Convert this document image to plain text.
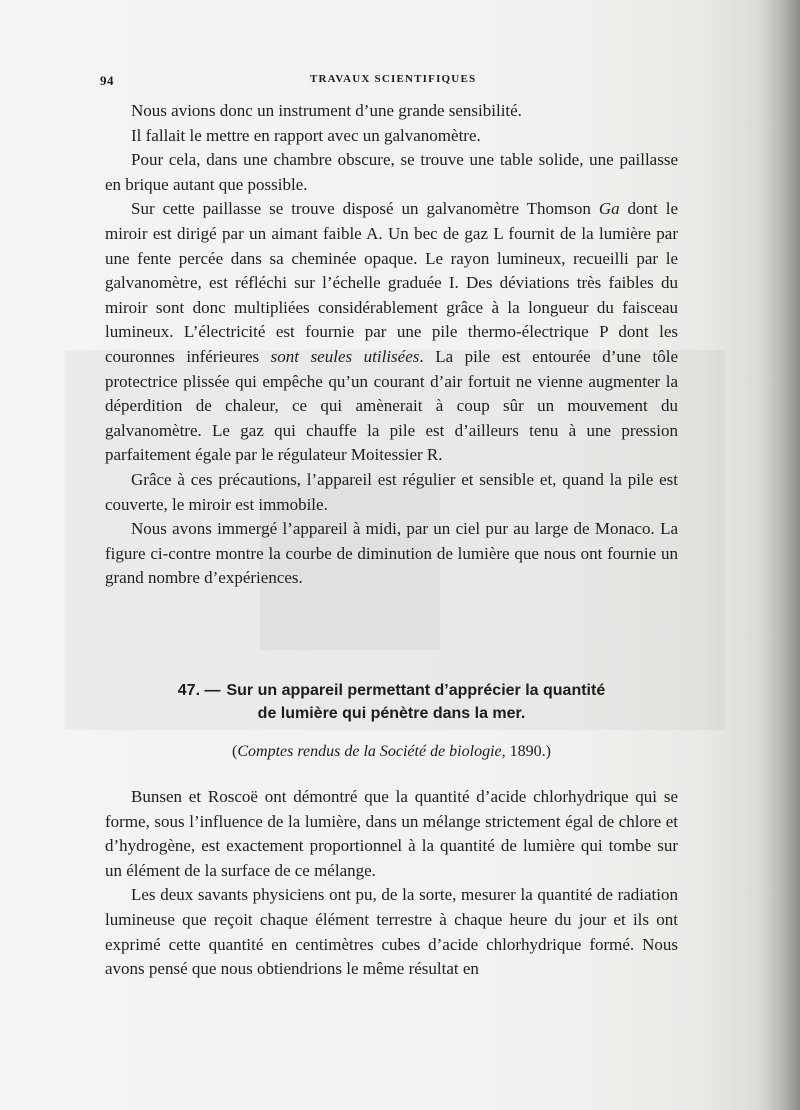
94	TRAVAUX SCIENTIFIQUES

Nous avions donc un instrument d’une grande sensibilité.

Il fallait le mettre en rapport avec un galvanomètre.

Pour cela, dans une chambre obscure, se trouve une table solide, une paillasse en brique autant que possible.

Sur cette paillasse se trouve disposé un galvanomètre Thomson Ga dont le miroir est dirigé par un aimant faible A. Un bec de gaz L fournit de la lumière par une fente percée dans sa cheminée opaque. Le rayon lumineux, recueilli par le galvanomètre, est réfléchi sur l’échelle graduée I. Des déviations très faibles du miroir sont donc multipliées considérablement grâce à la longueur du faisceau lumineux. L’électricité est fournie par une pile thermo-électrique P dont les couronnes inférieures sont seules utilisées. La pile est entourée d’une tôle protectrice plissée qui empêche qu’un courant d’air fortuit ne vienne augmenter la déperdition de chaleur, ce qui amènerait à coup sûr un mouvement du galvanomètre. Le gaz qui chauffe la pile est d’ailleurs tenu à une pression parfaitement égale par le régulateur Moitessier R.

Grâce à ces précautions, l’appareil est régulier et sensible et, quand la pile est couverte, le miroir est immobile.

Nous avons immergé l’appareil à midi, par un ciel pur au large de Monaco. La figure ci-contre montre la courbe de diminution de lumière que nous ont fournie un grand nombre d’expériences.

47. — Sur un appareil permettant d’apprécier la quantité
de lumière qui pénètre dans la mer.
(Comptes rendus de la Société de biologie, 1890.)

Bunsen et Roscoë ont démontré que la quantité d’acide chlorhydrique qui se forme, sous l’influence de la lumière, dans un mélange strictement égal de chlore et d’hydrogène, est exactement proportionnel à la quantité de lumière qui tombe sur un élément de la surface de ce mélange.

Les deux savants physiciens ont pu, de la sorte, mesurer la quantité de radiation lumineuse que reçoit chaque élément terrestre à chaque heure du jour et ils ont exprimé cette quantité en centimètres cubes d’acide chlorhydrique formé. Nous avons pensé que nous obtiendrions le même résultat en
